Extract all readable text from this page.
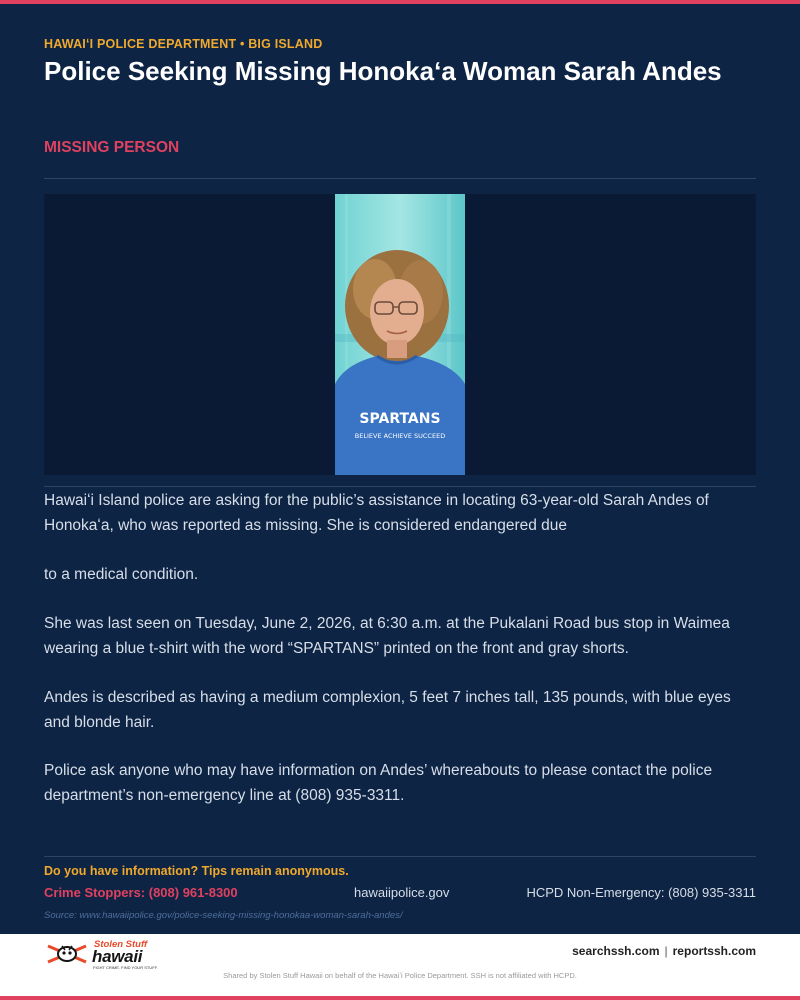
HAWAIʻI POLICE DEPARTMENT • BIG ISLAND
Police Seeking Missing Honokaʻa Woman Sarah Andes
MISSING PERSON
SPARTANS
BELIEVE ACHIEVE SUCCEED

Hawaiʻi Island police are asking for the public’s assistance in locating 63-year-old Sarah Andes of Honokaʻa, who was reported as missing. She is considered endangered due

to a medical condition.

She was last seen on Tuesday, June 2, 2026, at 6:30 a.m. at the Pukalani Road bus stop in Waimea wearing a blue t-shirt with the word “SPARTANS” printed on the front and gray shorts.

Andes is described as having a medium complexion, 5 feet 7 inches tall, 135 pounds, with blue eyes and blonde hair.

Police ask anyone who may have information on Andes’ whereabouts to please contact the police department’s non-emergency line at (808) 935-3311.

Do you have information? Tips remain anonymous.
Crime Stoppers: (808) 961-8300	hawaiipolice.gov	HCPD Non-Emergency: (808) 935-3311
Source: www.hawaiipolice.gov/police-seeking-missing-honokaa-woman-sarah-andes/
Stolen Stuff
hawaii
FIGHT CRIME. FIND YOUR STUFF.
searchssh.com | reportssh.com
Shared by Stolen Stuff Hawaii on behalf of the Hawaiʻi Police Department. SSH is not affiliated with HCPD.
